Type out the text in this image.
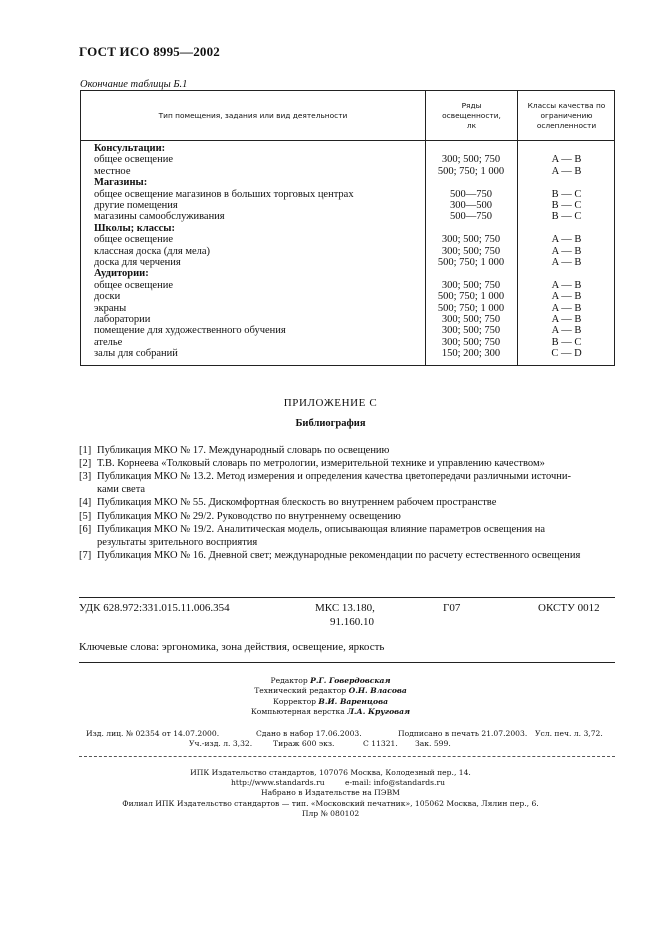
ГОСТ ИСО 8995—2002
Окончание таблицы Б.1
Тип помещения, задания или вид деятельности
Ряды освещенности, лк
Классы качества по ограничению ослепленности
Консультации:
общее освещение	300; 500; 750	A — B
местное	500; 750; 1 000	A — B
Магазины:
общее освещение магазинов в больших торговых центрах	500—750	B — C
другие помещения	300—500	B — C
магазины самообслуживания	500—750	B — C
Школы; классы:
общее освещение	300; 500; 750	A — B
классная доска (для мела)	300; 500; 750	A — B
доска для черчения	500; 750; 1 000	A — B
Аудитории:
общее освещение	300; 500; 750	A — B
доски	500; 750; 1 000	A — B
экраны	500; 750; 1 000	A — B
лаборатории	300; 500; 750	A — B
помещение для художественного обучения	300; 500; 750	A — B
ателье	300; 500; 750	B — C
залы для собраний	150; 200; 300	C — D
ПРИЛОЖЕНИЕ С
Библиография
[1] Публикация МКО № 17. Международный словарь по освещению
[2] Т.В. Корнеева «Толковый словарь по метрологии, измерительной технике и управлению качеством»
[3] Публикация МКО № 13.2. Метод измерения и определения качества цветопередачи различными источни-
ками света
[4] Публикация МКО № 55. Дискомфортная блескость во внутреннем рабочем пространстве
[5] Публикация МКО № 29/2. Руководство по внутреннему освещению
[6] Публикация МКО № 19/2. Аналитическая модель, описывающая влияние параметров освещения на
результаты зрительного восприятия
[7] Публикация МКО № 16. Дневной свет; международные рекомендации по расчету естественного освещения
УДК 628.972:331.015.11.006.354	МКС 13.180,
91.160.10
Г07	ОКСТУ 0012
Ключевые слова: эргономика, зона действия, освещение, яркость
Редактор Р.Г. Говердовская
Технический редактор О.Н. Власова
Корректор В.И. Варенцова
Компьютерная верстка Л.А. Круговая
Изд. лиц. № 02354 от 14.07.2000.	Сдано в набор 17.06.2003.	Подписано в печать 21.07.2003. Усл. печ. л. 3,72.
Уч.-изд. л. 3,32.	Тираж 600 экз.	С 11321. Зак. 599.
ИПК Издательство стандартов, 107076 Москва, Колодезный пер., 14.
http://www.standards.ru	e-mail: info@standards.ru
Набрано в Издательстве на ПЭВМ
Филиал ИПК Издательство стандартов — тип. «Московский печатник», 105062 Москва, Лялин пер., 6.
Плр № 080102
